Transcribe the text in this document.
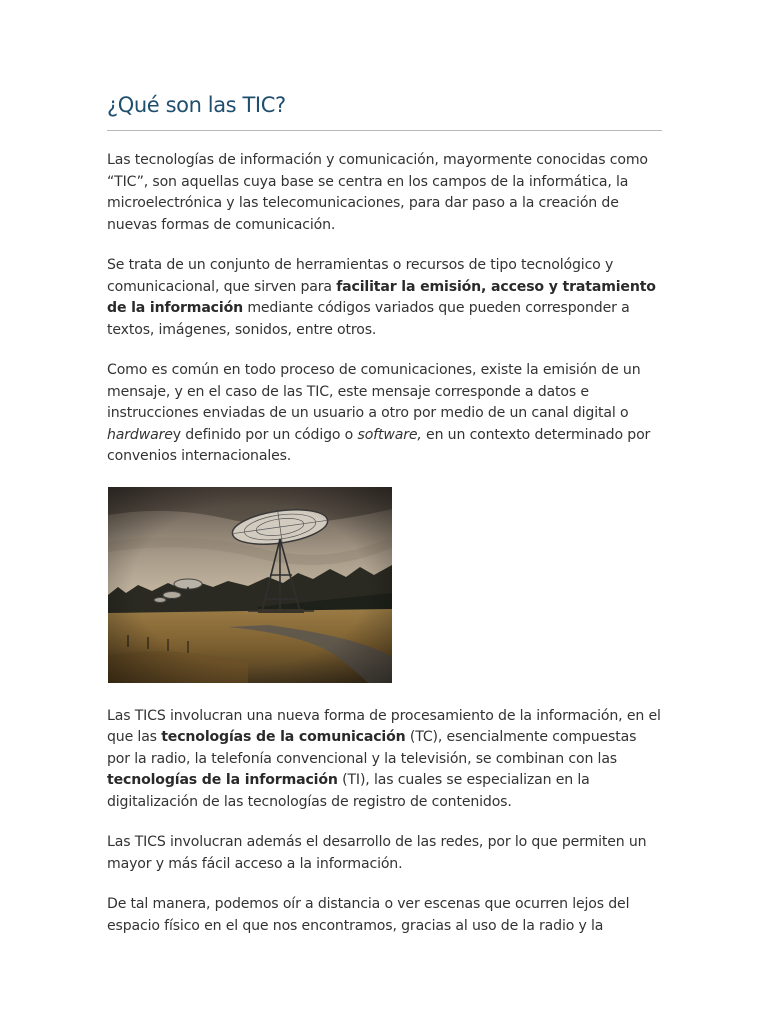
¿Qué son las TIC?

Las tecnologías de información y comunicación, mayormente conocidas como “TIC”, son aquellas cuya base se centra en los campos de la informática, la microelectrónica y las telecomunicaciones, para dar paso a la creación de nuevas formas de comunicación.

Se trata de un conjunto de herramientas o recursos de tipo tecnológico y comunicacional, que sirven para facilitar la emisión, acceso y tratamiento de la información mediante códigos variados que pueden corresponder a textos, imágenes, sonidos, entre otros.

Como es común en todo proceso de comunicaciones, existe la emisión de un mensaje, y en el caso de las TIC, este mensaje corresponde a datos e instrucciones enviadas de un usuario a otro por medio de un canal digital o hardwarey definido por un código o software, en un contexto determinado por convenios internacionales.

Las TICS involucran una nueva forma de procesamiento de la información, en el que las tecnologías de la comunicación (TC), esencialmente compuestas por la radio, la telefonía convencional y la televisión, se combinan con las tecnologías de la información (TI), las cuales se especializan en la digitalización de las tecnologías de registro de contenidos.

Las TICS involucran además el desarrollo de las redes, por lo que permiten un mayor y más fácil acceso a la información.

De tal manera, podemos oír a distancia o ver escenas que ocurren lejos del espacio físico en el que nos encontramos, gracias al uso de la radio y la
